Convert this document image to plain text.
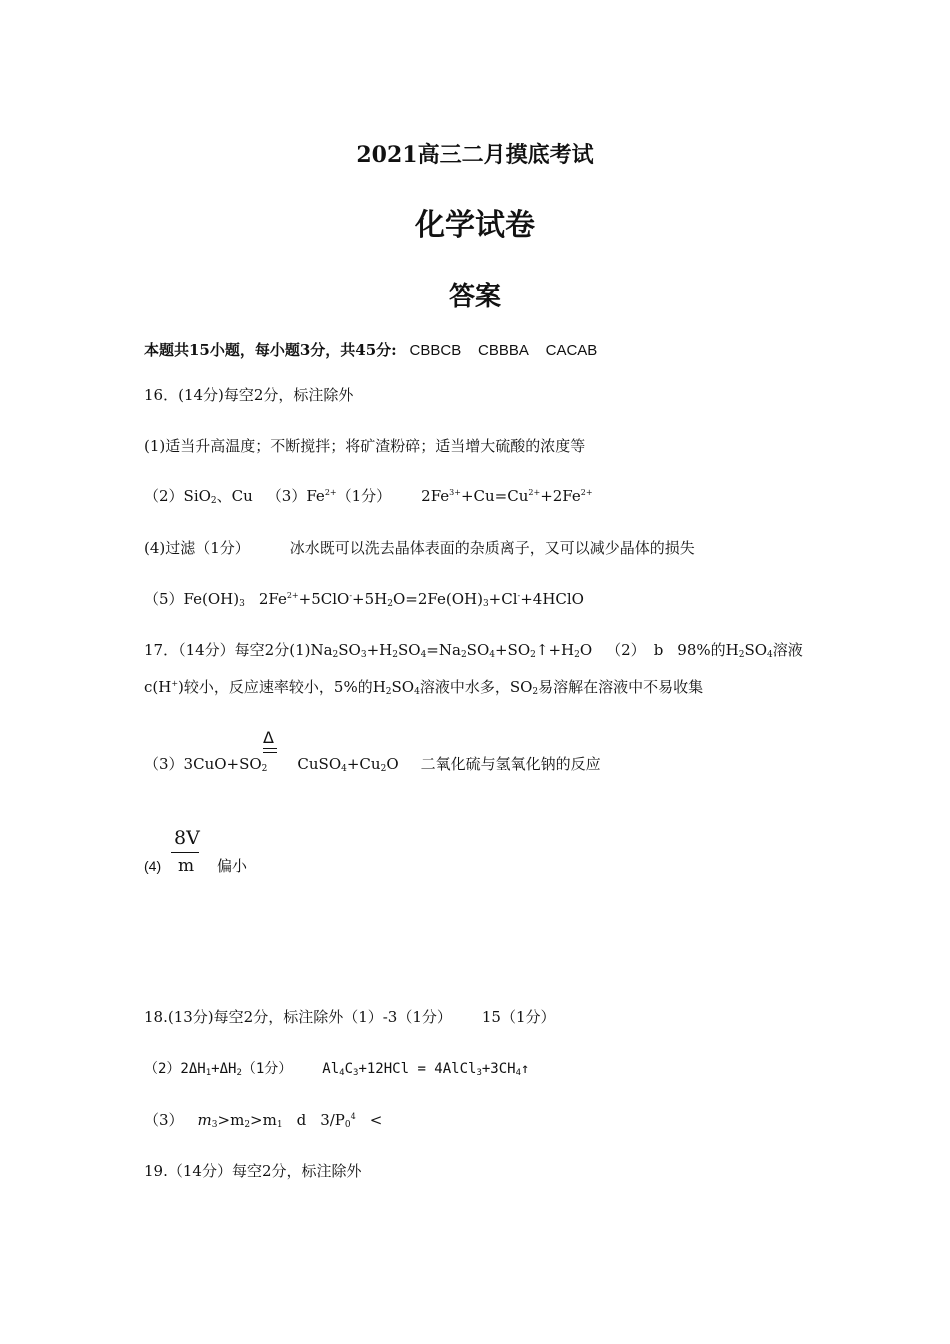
2021高三二月摸底考试
化学试卷
答案
本题共15小题，每小题3分，共45分: CBBCB CBBBA CACAB
16．(14分)每空2分，标注除外
(1)适当升高温度；不断搅拌；将矿渣粉碎；适当增大硫酸的浓度等
（2）SiO$_2$、Cu $(3)Fe^{2+}(1$分） $2Fe^{3+}+Cu=Cu^{2+}+2Fe^{2+}$
(4)过滤（1分）	冰水既可以洗去晶体表面的杂质离子，又可以减少晶体的损失
$(5)Fe(OH)_3$ $2Fe^{2+}+5ClO^-+5H_2O=2Fe(OH)_3+Cl^-+4HClO$
17．（14分）每空2分$(1)Na_2SO_3+H_2SO_4=Na_2SO_4+SO_2↑+H_2O$ （2） b 98%的$H_2SO_4$溶液
c(H+)较小，反应速率较小，5%的$H_2SO_4$溶液中水多，$SO_2$易溶解在溶液中不易收集
Δ
$(3)3CuO+SO_2$ $CuSO_4+Cu_2O$ 二氧化硫与氢氧化钠的反应
(4)
8V
m 偏小
18.(13分)每空2分，标注除外（1）-3（1分） 15（1分）
$(2)2\Delta H_1+\Delta H_2(1$分） $Al_4C_3+12HCl$ = $4AlCl_3+3CH_4↑$
（3） $m_3>m_2>m_1$ d $3/P_0^4$ <
19.（14分）每空2分，标注除外
